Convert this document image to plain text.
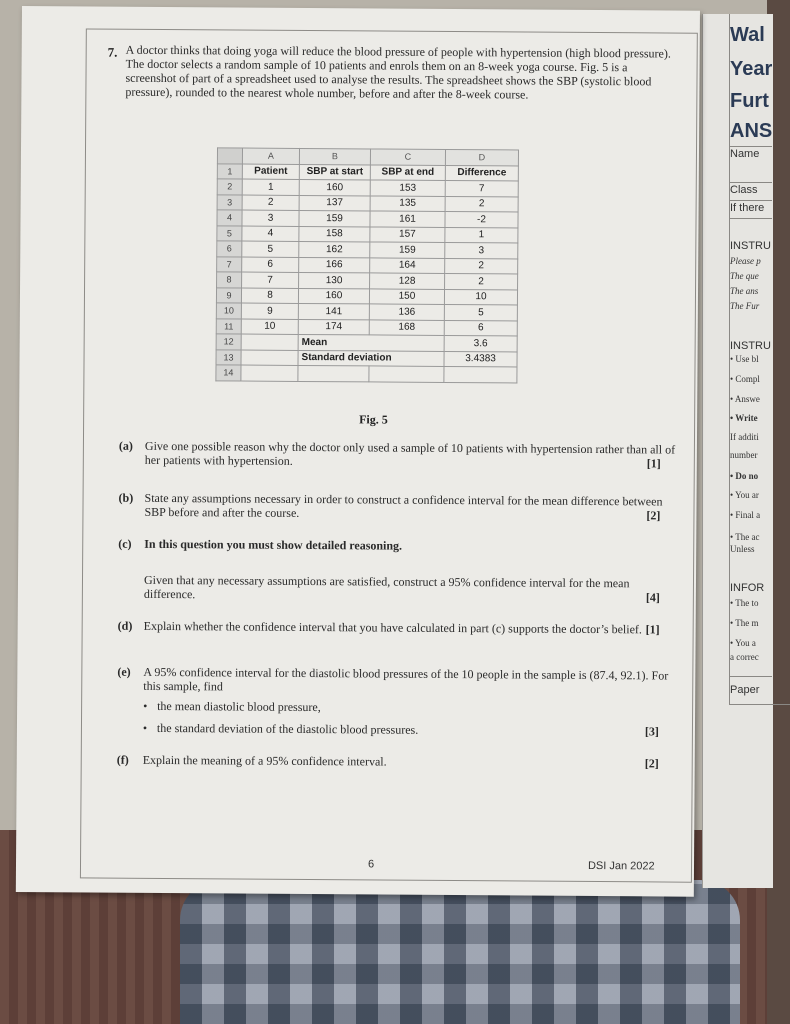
Wal
Year
Furt
ANS
Name
Class
If there
INSTRU
Please p
The que
The ans
The Fur
INSTRU
• Use bl
• Compl
• Answe
• Write
If additi
number
• Do no
• You ar
• Final a
• The ac
Unless
INFOR
• The to
• The m
• You a
a correc
Paper
7. A doctor thinks that doing yoga will reduce the blood pressure of people with hypertension (high blood pressure). The doctor selects a random sample of 10 patients and enrols them on an 8-week yoga course. Fig. 5 is a screenshot of part of a spreadsheet used to analyse the results. The spreadsheet shows the SBP (systolic blood pressure), rounded to the nearest whole number, before and after the 8-week course.
	A	B	C	D
1	Patient	SBP at start	SBP at end	Difference
2	1	160	153	7
3	2	137	135	2
4	3	159	161	-2
5	4	158	157	1
6	5	162	159	3
7	6	166	164	2
8	7	130	128	2
9	8	160	150	10
10	9	141	136	5
11	10	174	168	6
12		Mean		3.6
13		Standard deviation		3.4383
14				
Fig. 5
(a) Give one possible reason why the doctor only used a sample of 10 patients with hypertension rather than all of her patients with hypertension.	[1]
(b) State any assumptions necessary in order to construct a confidence interval for the mean difference between SBP before and after the course.	[2]
(c) In this question you must show detailed reasoning.
Given that any necessary assumptions are satisfied, construct a 95% confidence interval for the mean difference.	[4]
(d) Explain whether the confidence interval that you have calculated in part (c) supports the doctor’s belief. [1]
(e) A 95% confidence interval for the diastolic blood pressures of the 10 people in the sample is (87.4, 92.1). For this sample, find
• the mean diastolic blood pressure,
• the standard deviation of the diastolic blood pressures.	[3]
(f) Explain the meaning of a 95% confidence interval.	[2]
6	DSI Jan 2022
